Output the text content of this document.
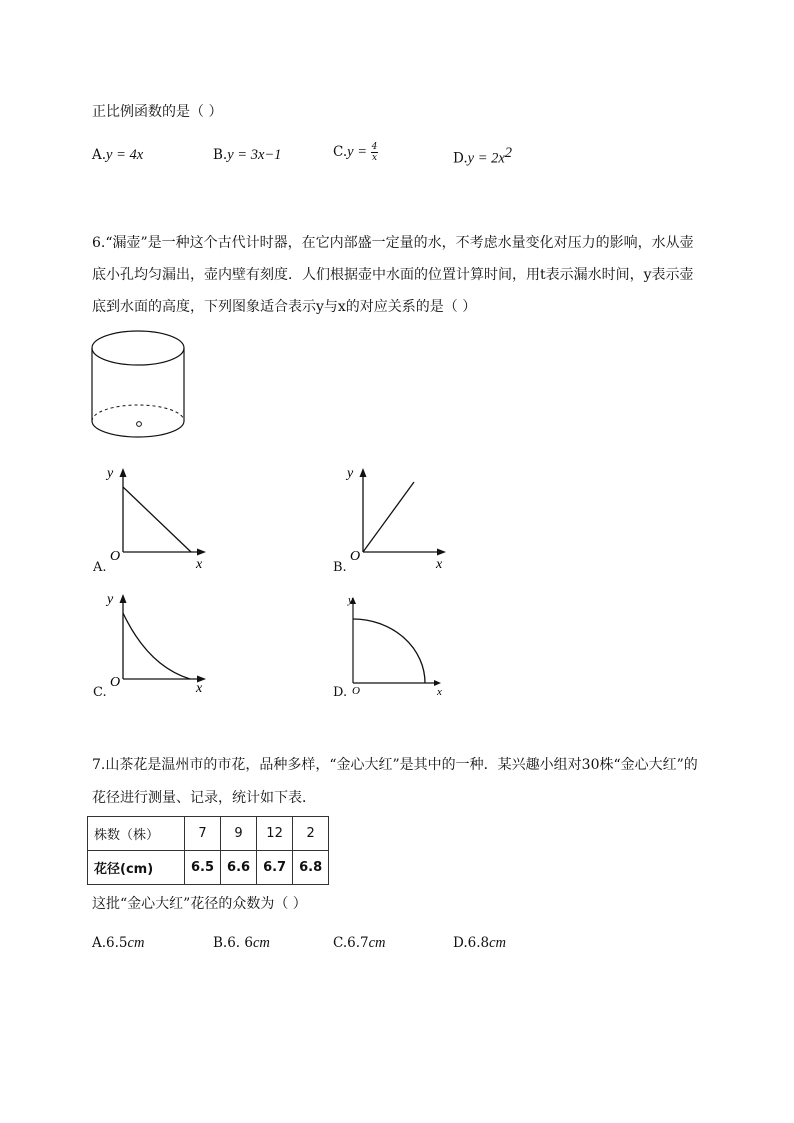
正比例函数的是（ ）
A.y = 4x	B.y = 3x−1	$C.y = \frac{4}{x}$	$D.y = 2x^2$
6.“漏壶”是一种这个古代计时器，在它内部盛一定量的水，不考虑水量变化对压力的影响，水从壶
底小孔均匀漏出，壶内壁有刻度．人们根据壶中水面的位置计算时间，用t表示漏水时间，y表示壶
底到水面的高度，下列图象适合表示y与x的对应关系的是（ ）
y
O
x
A.
y
O
x
B.
y
O	x
C.
y
O	x
D.
7.山茶花是温州市的市花，品种多样，“金心大红”是其中的一种．某兴趣小组对30株“金心大红”的
花径进行测量、记录，统计如下表．
株数（株）	7	9	12	2
花径(cm)	6.5	6.6	6.7	6.8
这批“金心大红”花径的众数为（ ）
A.6.5cm	B.6. 6cm	C.6.7cm	D.6.8cm
